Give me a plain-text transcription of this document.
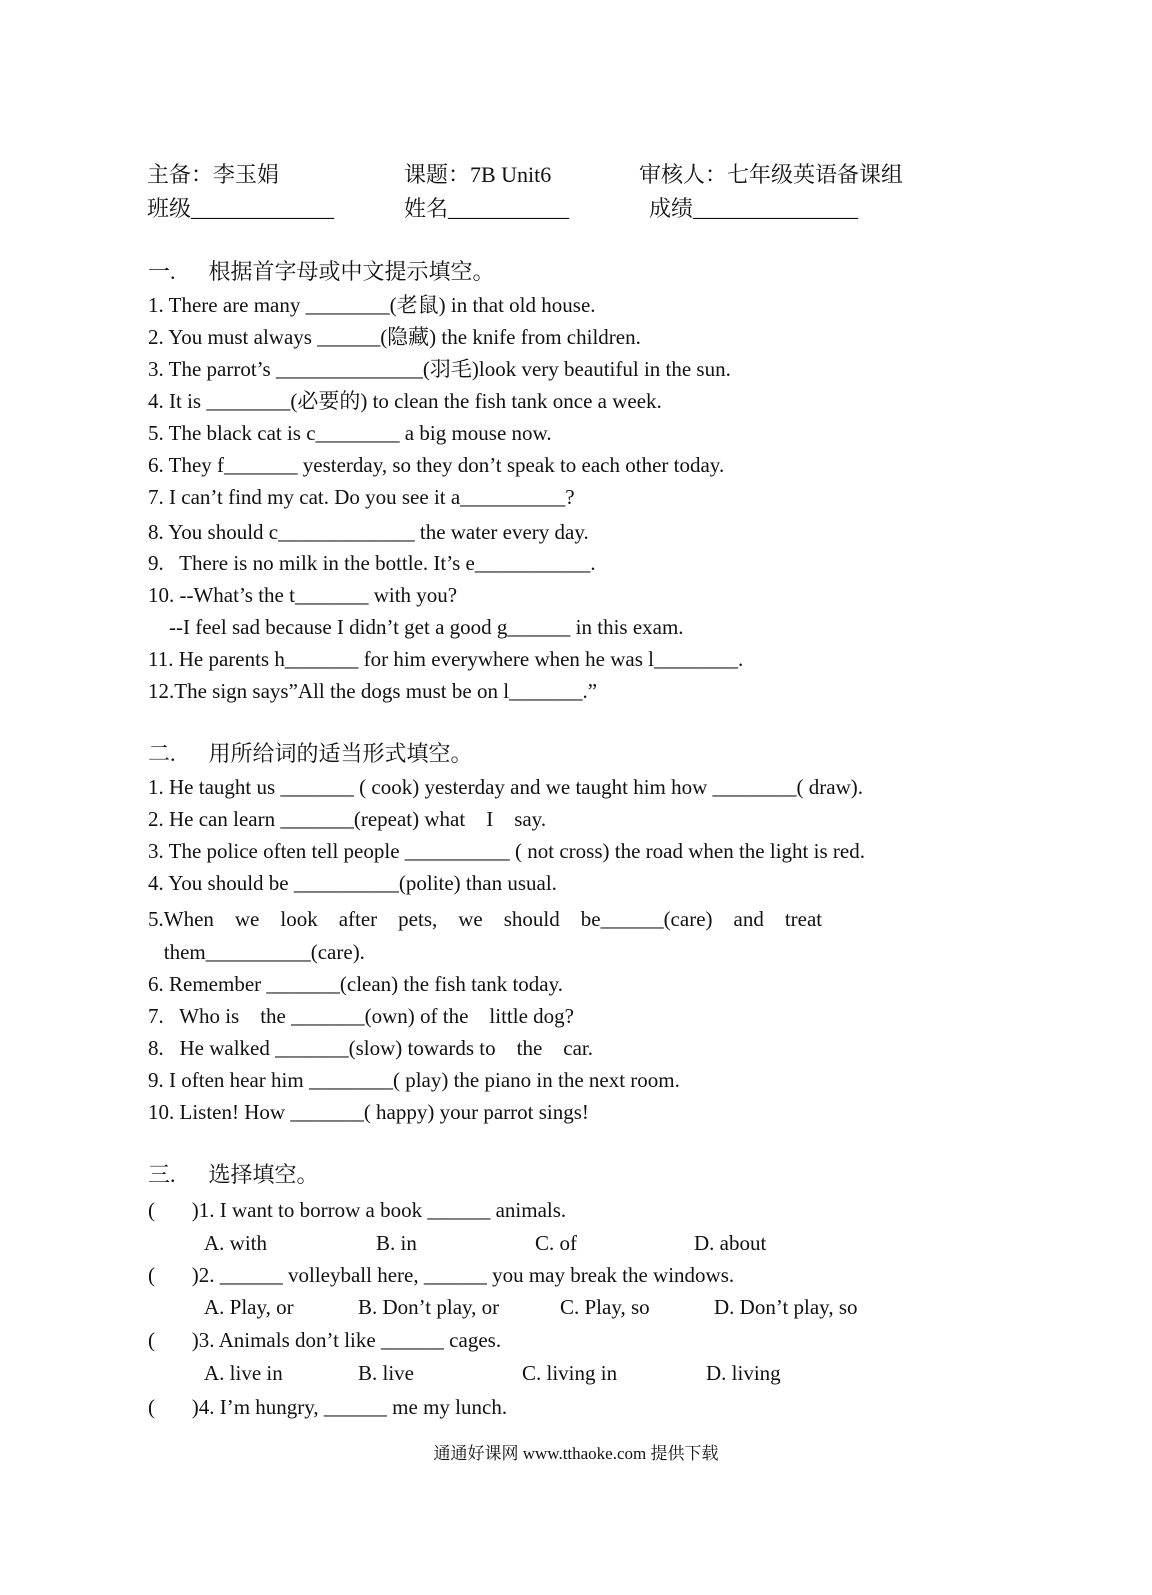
主备：李玉娟	课题：7B Unit6	审核人：七年级英语备课组
班级_____________	姓名___________	成绩_______________
一.      根据首字母或中文提示填空。
1. There are many ________(老鼠) in that old house.
2. You must always ______(隐藏) the knife from children.
3. The parrot’s ______________(羽毛)look very beautiful in the sun.
4. It is ________(必要的) to clean the fish tank once a week.
5. The black cat is c________ a big mouse now.
6. They f_______ yesterday, so they don’t speak to each other today.
7. I can’t find my cat. Do you see it a__________?
8. You should c_____________ the water every day.
9.   There is no milk in the bottle. It’s e___________.
10. --What’s the t_______ with you?
--I feel sad because I didn’t get a good g______ in this exam.
11. He parents h_______ for him everywhere when he was l________.
12.The sign says”All the dogs must be on l_______.”
二.      用所给词的适当形式填空。
1. He taught us _______ ( cook) yesterday and we taught him how ________( draw).
2. He can learn _______(repeat) what    I    say.
3. The police often tell people __________ ( not cross) the road when the light is red.
4. You should be __________(polite) than usual.
5.When    we    look    after    pets,    we    should    be______(care)    and    treat
them__________(care).
6. Remember _______(clean) the fish tank today.
7.   Who is    the _______(own) of the    little dog?
8.   He walked _______(slow) towards to    the    car.
9. I often hear him ________( play) the piano in the next room.
10. Listen! How _______( happy) your parrot sings!
三.      选择填空。
(       )1. I want to borrow a book ______ animals.
A. with	B. in	C. of	D. about
(       )2. ______ volleyball here, ______ you may break the windows.
A. Play, or	B. Don’t play, or	C. Play, so	D. Don’t play, so
(       )3. Animals don’t like ______ cages.
A. live in	B. live	C. living in	D. living
(       )4. I’m hungry, ______ me my lunch.
通通好课网 www.tthaoke.com 提供下载
